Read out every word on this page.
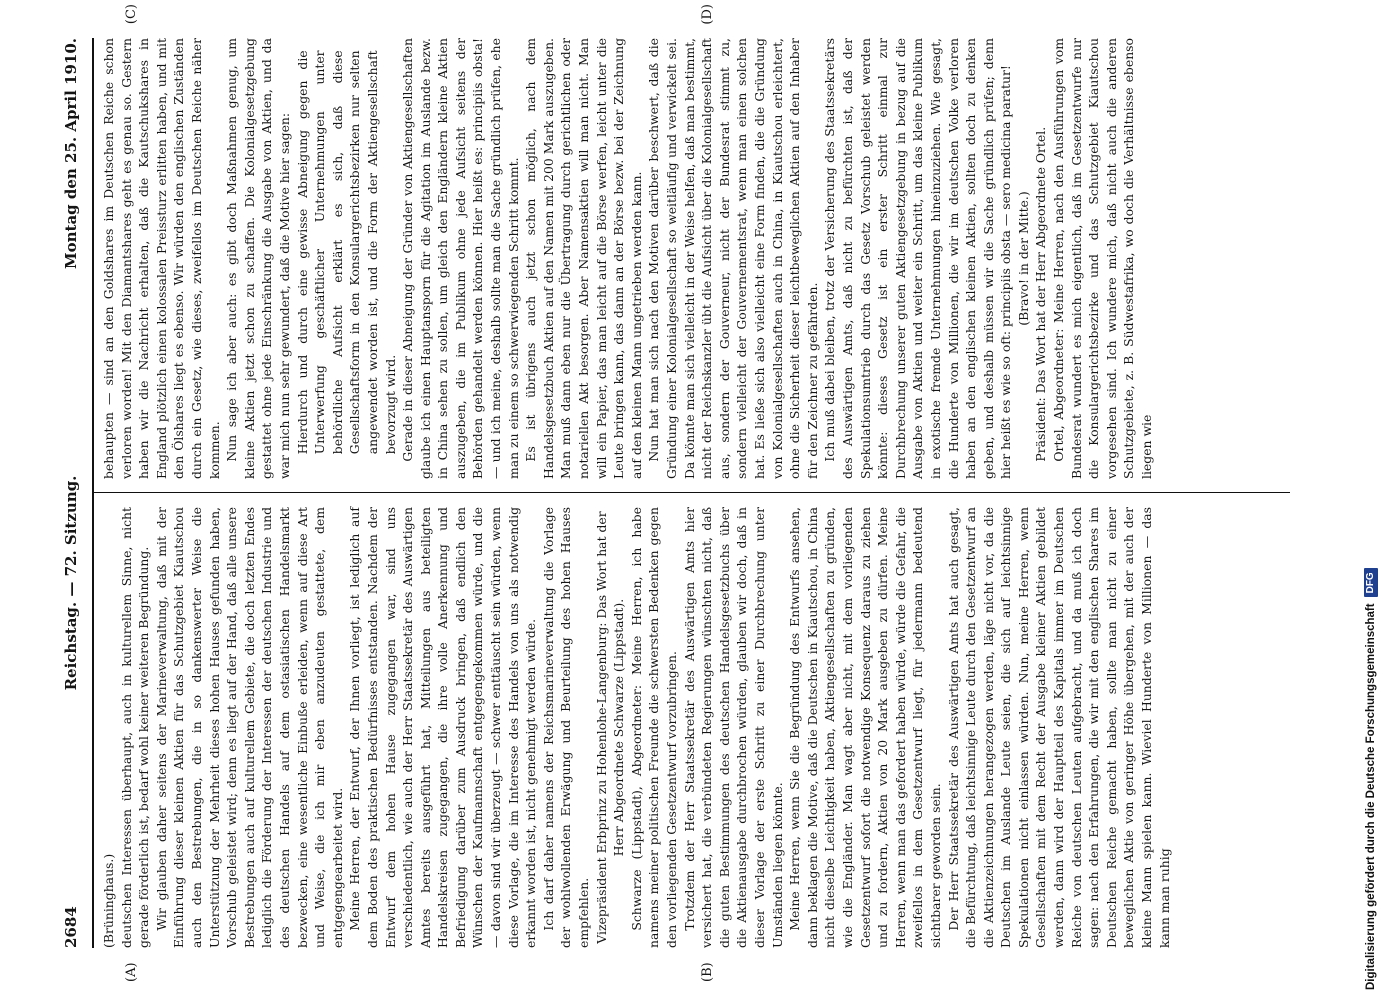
2684
Reichstag. — 72. Sitzung.
Montag den 25. April 1910.
(A)	(B)
(C)	(D)

(Brüninghaus.) deutschen Interessen überhaupt, auch in kulturellem Sinne, nicht gerade förderlich ist, bedarf wohl keiner weiteren Begründung. Wir glauben daher seitens der Marineverwaltung, daß mit der Einführung dieser kleinen Aktien für das Schutzgebiet Kiautschou auch den Bestrebungen, die in so dankenswerter Weise die Unterstützung der Mehrheit dieses hohen Hauses gefunden haben, Vorschub geleistet wird; denn es liegt auf der Hand, daß alle unsere Bestrebungen auch auf kulturellem Gebiete, die doch letzten Endes lediglich die Förderung der Interessen der deutschen Industrie und des deutschen Handels auf dem ostasiatischen Handelsmarkt bezwecken, eine wesentliche Einbuße erleiden, wenn auf diese Art und Weise, die ich mir eben anzudeuten gestattete, dem entgegengearbeitet wird. Meine Herren, der Entwurf, der Ihnen vorliegt, ist lediglich auf dem Boden des praktischen Bedürfnisses entstanden. Nachdem der Entwurf dem hohen Hause zugegangen war, sind uns verschiedentlich, wie auch der Herr Staatssekretär des Auswärtigen Amtes bereits ausgeführt hat, Mitteilungen aus beteiligten Handelskreisen zugegangen, die ihre volle Anerkennung und Befriedigung darüber zum Ausdruck bringen, daß endlich den Wünschen der Kaufmannschaft entgegengekommen würde, und die — davon sind wir überzeugt — schwer enttäuscht sein würden, wenn diese Vorlage, die im Interesse des Handels von uns als notwendig erkannt worden ist, nicht genehmigt werden würde. Ich darf daher namens der Reichsmarineverwaltung die Vorlage der wohlwollenden Erwägung und Beurteilung des hohen Hauses empfehlen. Vizepräsident Erbprinz zu Hohenlohe-Langenburg: Das Wort hat der Herr Abgeordnete Schwarze (Lippstadt). Schwarze (Lippstadt), Abgeordneter: Meine Herren, ich habe namens meiner politischen Freunde die schwersten Bedenken gegen den vorliegenden Gesetzentwurf vorzubringen. Trotzdem der Herr Staatssekretär des Auswärtigen Amts hier versichert hat, die verbündeten Regierungen wünschten nicht, daß die guten Bestimmungen des deutschen Handelsgesetzbuchs über die Aktienausgabe durchbrochen würden, glauben wir doch, daß in dieser Vorlage der erste Schritt zu einer Durchbrechung unter Umständen liegen könnte. Meine Herren, wenn Sie die Begründung des Entwurfs ansehen, dann beklagen die Motive, daß die Deutschen in Kiautschou, in China nicht dieselbe Leichtigkeit haben, Aktiengesellschaften zu gründen, wie die Engländer. Man wagt aber nicht, mit dem vorliegenden Gesetzentwurf sofort die notwendige Konsequenz daraus zu ziehen und zu fordern, Aktien von 20 Mark ausgeben zu dürfen. Meine Herren, wenn man das gefordert haben würde, würde die Gefahr, die zweifellos in dem Gesetzentwurf liegt, für jedermann bedeutend sichtbarer geworden sein. Der Herr Staatssekretär des Auswärtigen Amts hat auch gesagt, die Befürchtung, daß leichtsinnige Leute durch den Gesetzentwurf an die Aktienzeichnungen herangezogen werden, läge nicht vor, da die Deutschen im Auslande Leute seien, die sich auf leichtsinnige Spekulationen nicht einlassen würden. Nun, meine Herren, wenn Gesellschaften mit dem Recht der Ausgabe kleiner Aktien gebildet werden, dann wird der Hauptteil des Kapitals immer im Deutschen Reiche von deutschen Leuten aufgebracht, und da muß ich doch sagen: nach den Erfahrungen, die wir mit den englischen Shares im Deutschen Reiche gemacht haben, sollte man nicht zu einer beweglichen Aktie von geringer Höhe übergehen, mit der auch der kleine Mann spielen kann. Wieviel Hunderte von Millionen — das kann man ruhig

behaupten — sind an den Goldshares im Deutschen Reiche schon verloren worden! Mit den Diamantshares geht es genau so. Gestern haben wir die Nachricht erhalten, daß die Kautschukshares in England plötzlich einen kolossalen Preissturz erlitten haben, und mit den Ölshares liegt es ebenso. Wir würden den englischen Zuständen durch ein Gesetz, wie dieses, zweifellos im Deutschen Reiche näher kommen. Nun sage ich aber auch: es gibt doch Maßnahmen genug, um kleine Aktien jetzt schon zu schaffen. Die Kolonialgesetzgebung gestattet ohne jede Einschränkung die Ausgabe von Aktien, und da war mich nun sehr gewundert, daß die Motive hier sagen: Hierdurch und durch eine gewisse Abneigung gegen die Unterwerfung geschäftlicher Unternehmungen unter behördliche Aufsicht erklärt es sich, daß diese Gesellschaftsform in den Konsulargerichtsbezirken nur selten angewendet worden ist, und die Form der Aktiengesellschaft bevorzugt wird. Gerade in dieser Abneigung der Gründer von Aktiengesellschaften glaube ich einen Hauptansporn für die Agitation im Auslande bezw. in China sehen zu sollen, um gleich den Engländern kleine Aktien auszugeben, die im Publikum ohne jede Aufsicht seitens der Behörden gehandelt werden können. Hier heißt es: principiis obsta! — und ich meine, deshalb sollte man die Sache gründlich prüfen, ehe man zu einem so schwerwiegenden Schritt kommt. Es ist übrigens auch jetzt schon möglich, nach dem Handelsgesetzbuch Aktien auf den Namen mit 200 Mark auszugeben. Man muß dann eben nur die Übertragung durch gerichtlichen oder notariellen Akt besorgen. Aber Namensaktien will man nicht. Man will ein Papier, das man leicht auf die Börse werfen, leicht unter die Leute bringen kann, das dann an der Börse bezw. bei der Zeichnung auf den kleinen Mann ungetrieben werden kann. Nun hat man sich nach den Motiven darüber beschwert, daß die Gründung einer Kolonialgesellschaft so weitläufig und verwickelt sei. Da könnte man sich vielleicht in der Weise helfen, daß man bestimmt, nicht der Reichskanzler übt die Aufsicht über die Kolonialgesellschaft aus, sondern der Gouverneur, nicht der Bundesrat stimmt zu, sondern vielleicht der Gouvernementsrat, wenn man einen solchen hat. Es ließe sich also vielleicht eine Form finden, die die Gründung von Kolonialgesellschaften auch in China, in Kiautschou erleichtert, ohne die Sicherheit dieser leichtbeweglichen Aktien auf den Inhaber für den Zeichner zu gefährden. Ich muß dabei bleiben, trotz der Versicherung des Staatssekretärs des Auswärtigen Amts, daß nicht zu befürchten ist, daß der Spekulationsumtrieb durch das Gesetz Vorschub geleistet werden könnte: dieses Gesetz ist ein erster Schritt einmal zur Durchbrechung unserer guten Aktiengesetzgebung in bezug auf die Ausgabe von Aktien und weiter ein Schritt, um das kleine Publikum in exotische fremde Unternehmungen hineinzuziehen. Wie gesagt, die Hunderte von Millionen, die wir im deutschen Volke verloren haben an den englischen kleinen Aktien, sollten doch zu denken geben, und deshalb müssen wir die Sache gründlich prüfen; denn hier heißt es wie so oft: principiis obsta — sero medicina paratur! (Bravo! in der Mitte.) Präsident: Das Wort hat der Herr Abgeordnete Ortel. Ortel, Abgeordneter: Meine Herren, nach den Ausführungen vom Bundesrat wundert es mich eigentlich, daß im Gesetzentwurfe nur die Konsulargerichtsbezirke und das Schutzgebiet Kiautschou vorgesehen sind. Ich wundere mich, daß nicht auch die anderen Schutzgebiete, z. B. Südwestafrika, wo doch die Verhältnisse ebenso liegen wie

Digitalisierung gefördert durch die Deutsche Forschungsgemeinschaft
DFG
